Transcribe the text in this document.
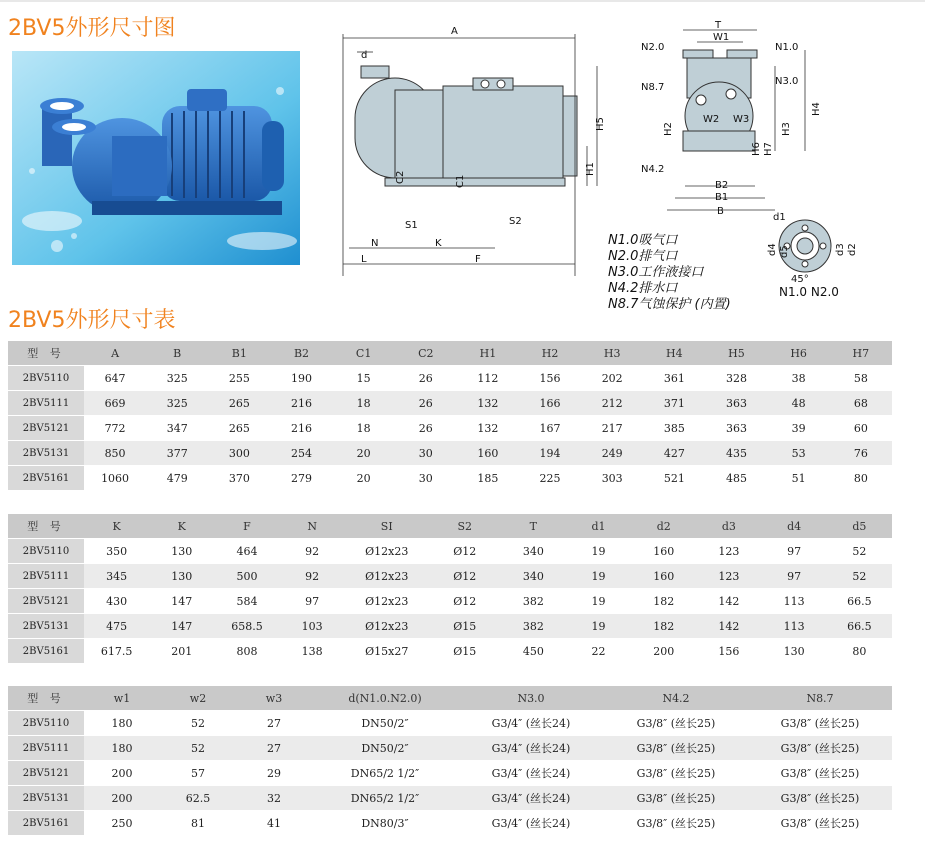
2BV5外形尺寸图	A
d
H5
H1
C2	C1
S1	S2
N	K
L	F
T
W1
N2.0	N1.0
N8.7
N3.0
W2 W3
H2	H3
H4
H6 H7
N4.2
B2
B1
B
d1
d4 d5	d3 d2
45°
N1.0 N2.0
N1.0吸气口
N2.0排气口
N3.0工作液接口
N4.2排水口
N8.7气蚀保护 (内置)
2BV5外形尺寸表
型 号	A	B	B1	B2	C1	C2	H1	H2	H3	H4	H5	H6	H7
2BV5110	647	325	255	190	15	26	112	156	202	361	328	38	58
2BV5111	669	325	265	216	18	26	132	166	212	371	363	48	68
2BV5121	772	347	265	216	18	26	132	167	217	385	363	39	60
2BV5131	850	377	300	254	20	30	160	194	249	427	435	53	76
2BV5161	1060	479	370	279	20	30	185	225	303	521	485	51	80
型 号	K	K	F	N	SI	S2	T	d1	d2	d3	d4	d5
2BV5110	350	130	464	92	Ø12x23	Ø12	340	19	160	123	97	52
2BV5111	345	130	500	92	Ø12x23	Ø12	340	19	160	123	97	52
2BV5121	430	147	584	97	Ø12x23	Ø12	382	19	182	142	113	66.5
2BV5131	475	147	658.5	103	Ø12x23	Ø15	382	19	182	142	113	66.5
2BV5161	617.5	201	808	138	Ø15x27	Ø15	450	22	200	156	130	80
型 号	w1	w2	w3	d(N1.0.N2.0)	N3.0	N4.2	N8.7
2BV5110	180	52	27	DN50/2″	G3/4″ (丝长24)	G3/8″ (丝长25)	G3/8″ (丝长25)
2BV5111	180	52	27	DN50/2″	G3/4″ (丝长24)	G3/8″ (丝长25)	G3/8″ (丝长25)
2BV5121	200	57	29	DN65/2 1/2″	G3/4″ (丝长24)	G3/8″ (丝长25)	G3/8″ (丝长25)
2BV5131	200	62.5	32	DN65/2 1/2″	G3/4″ (丝长24)	G3/8″ (丝长25)	G3/8″ (丝长25)
2BV5161	250	81	41	DN80/3″	G3/4″ (丝长24)	G3/8″ (丝长25)	G3/8″ (丝长25)
